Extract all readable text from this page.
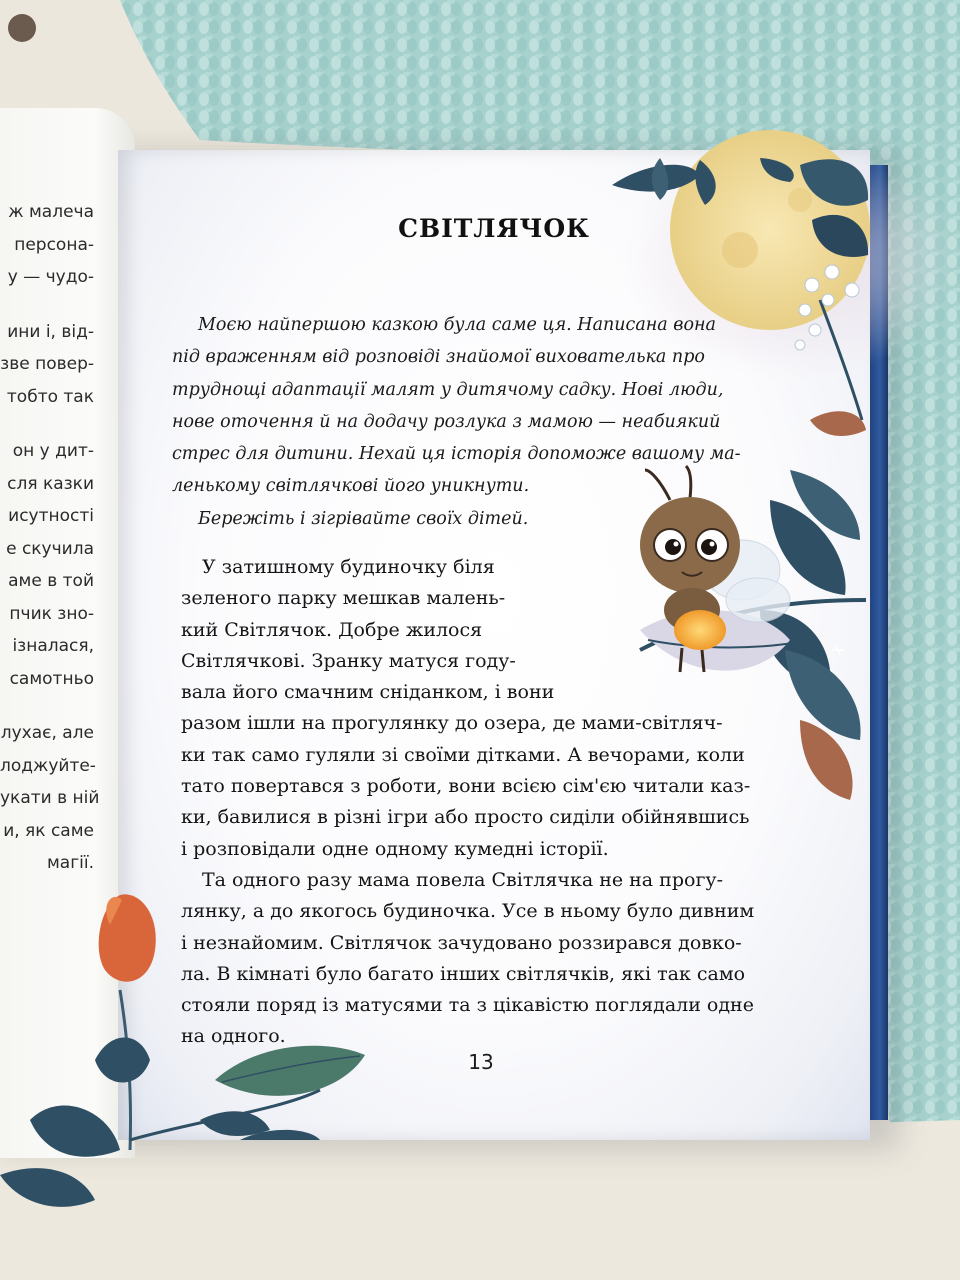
ж малеча
персона-
у — чудо-
ини і, від-
зве повер-
тобто так
он у дит-
сля казки
исутності
е скучила
аме в той
пчик зно-
ізналася,
самотньо
лухає, але
лоджуйте-
укати в ній
и, як саме
магії.
СВІТЛЯЧОК
Моєю найпершою казкою була саме ця. Написана вона
під враженням від розповіді знайомої вихователька про
труднощі адаптації малят у дитячому садку. Нові люди,
нове оточення й на додачу розлука з мамою — неабиякий
стрес для дитини. Нехай ця історія допоможе вашому ма-
ленькому світлячкові його уникнути.
Бережіть і зігрівайте своїх дітей.
У затишному будиночку біля
зеленого парку мешкав малень-
кий Світлячок. Добре жилося
Світлячкові. Зранку матуся году-
вала його смачним сніданком, і вони
разом ішли на прогулянку до озера, де мами-світляч-
ки так само гуляли зі своїми дітками. А вечорами, коли
тато повертався з роботи, вони всією сім'єю читали каз-
ки, бавилися в різні ігри або просто сиділи обійнявшись
і розповідали одне одному кумедні історії.
Та одного разу мама повела Світлячка не на прогу-
лянку, а до якогось будиночка. Усе в ньому було дивним
і незнайомим. Світлячок зачудовано роззирався довко-
ла. В кімнаті було багато інших світлячків, які так само
стояли поряд із матусями та з цікавістю поглядали одне
на одного.
13
